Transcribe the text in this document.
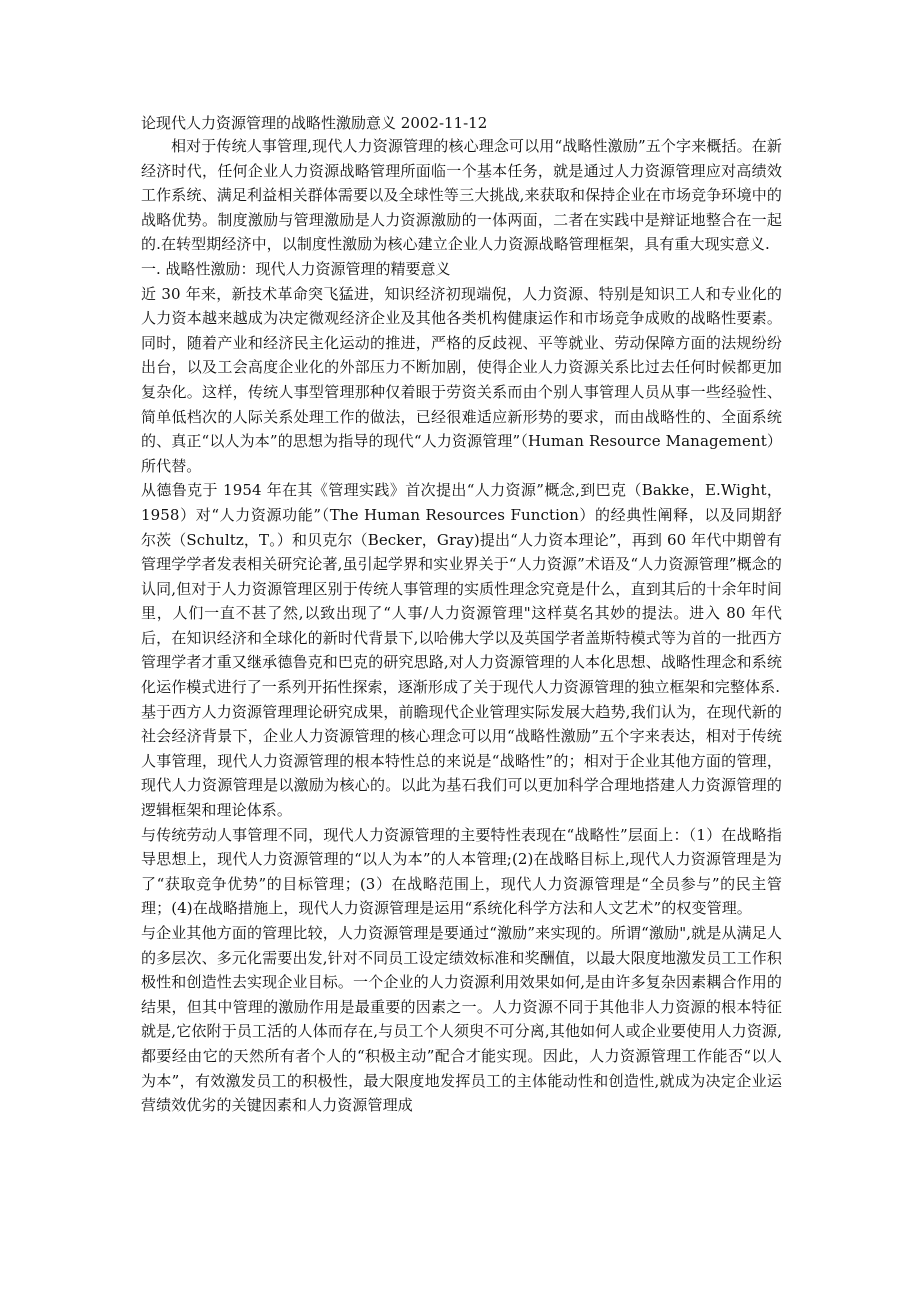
论现代人力资源管理的战略性激励意义 2002-11-12

相对于传统人事管理,现代人力资源管理的核心理念可以用“战略性激励”五个字来概括。在新经济时代，任何企业人力资源战略管理所面临一个基本任务，就是通过人力资源管理应对高绩效工作系统、满足利益相关群体需要以及全球性等三大挑战,来获取和保持企业在市场竞争环境中的战略优势。制度激励与管理激励是人力资源激励的一体两面，二者在实践中是辩证地整合在一起的.在转型期经济中，以制度性激励为核心建立企业人力资源战略管理框架，具有重大现实意义.

一. 战略性激励：现代人力资源管理的精要意义

近 30 年来，新技术革命突飞猛进，知识经济初现端倪，人力资源、特别是知识工人和专业化的人力资本越来越成为决定微观经济企业及其他各类机构健康运作和市场竞争成败的战略性要素。同时，随着产业和经济民主化运动的推进，严格的反歧视、平等就业、劳动保障方面的法规纷纷出台，以及工会高度企业化的外部压力不断加剧，使得企业人力资源关系比过去任何时候都更加复杂化。这样，传统人事型管理那种仅着眼于劳资关系而由个别人事管理人员从事一些经验性、简单低档次的人际关系处理工作的做法，已经很难适应新形势的要求，而由战略性的、全面系统的、真正“以人为本”的思想为指导的现代“人力资源管理”（Human Resource Management）所代替。

从德鲁克于 1954 年在其《管理实践》首次提出“人力资源”概念,到巴克（Bakke，E.Wight，1958）对“人力资源功能”（The Human Resources Function）的经典性阐释，以及同期舒尔茨（Schultz，T。）和贝克尔（Becker，Gray)提出“人力资本理论”，再到 60 年代中期曾有管理学学者发表相关研究论著,虽引起学界和实业界关于“人力资源”术语及“人力资源管理”概念的认同,但对于人力资源管理区别于传统人事管理的实质性理念究竟是什么，直到其后的十余年时间里，人们一直不甚了然,以致出现了“人事/人力资源管理"这样莫名其妙的提法。进入 80 年代后，在知识经济和全球化的新时代背景下,以哈佛大学以及英国学者盖斯特模式等为首的一批西方管理学者才重又继承德鲁克和巴克的研究思路,对人力资源管理的人本化思想、战略性理念和系统化运作模式进行了一系列开拓性探索，逐渐形成了关于现代人力资源管理的独立框架和完整体系.

基于西方人力资源管理理论研究成果，前瞻现代企业管理实际发展大趋势,我们认为，在现代新的社会经济背景下，企业人力资源管理的核心理念可以用“战略性激励”五个字来表达，相对于传统人事管理，现代人力资源管理的根本特性总的来说是“战略性”的；相对于企业其他方面的管理，现代人力资源管理是以激励为核心的。以此为基石我们可以更加科学合理地搭建人力资源管理的逻辑框架和理论体系。

与传统劳动人事管理不同，现代人力资源管理的主要特性表现在“战略性”层面上：（1）在战略指导思想上，现代人力资源管理的“以人为本”的人本管理;(2)在战略目标上,现代人力资源管理是为了“获取竞争优势”的目标管理；(3）在战略范围上，现代人力资源管理是“全员参与”的民主管理；(4)在战略措施上，现代人力资源管理是运用“系统化科学方法和人文艺术”的权变管理。

与企业其他方面的管理比较，人力资源管理是要通过“激励”来实现的。所谓“激励",就是从满足人的多层次、多元化需要出发,针对不同员工设定绩效标准和奖酬值，以最大限度地激发员工工作积极性和创造性去实现企业目标。一个企业的人力资源利用效果如何,是由许多复杂因素耦合作用的结果，但其中管理的激励作用是最重要的因素之一。人力资源不同于其他非人力资源的根本特征就是,它依附于员工活的人体而存在,与员工个人须臾不可分离,其他如何人或企业要使用人力资源,都要经由它的天然所有者个人的“积极主动”配合才能实现。因此，人力资源管理工作能否“以人为本”，有效激发员工的积极性，最大限度地发挥员工的主体能动性和创造性,就成为决定企业运营绩效优劣的关键因素和人力资源管理成
